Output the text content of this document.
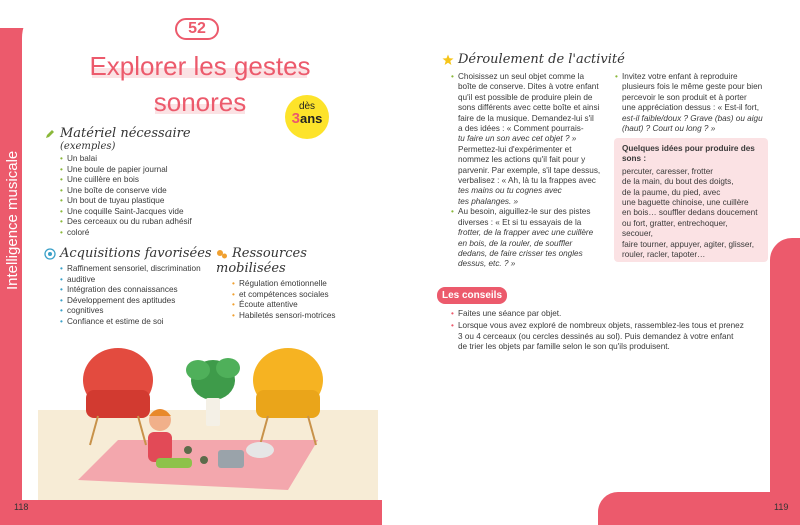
Intelligence musicale
52
Explorer les gestes
sonores	dès
3ans
Matériel nécessaire
(exemples)
• Un balai
• Une boule de papier journal
• Une cuillère en bois
• Une boîte de conserve vide
• Un bout de tuyau plastique
• Une coquille Saint-Jacques vide
• Des cerceaux ou du ruban adhésif
• coloré
Acquisitions favorisées
• Raffinement sensoriel, discrimination
• auditive
• Intégration des connaissances
• Développement des aptitudes
• cognitives
• Confiance et estime de soi
Ressources mobilisées
• Régulation émotionnelle
• et compétences sociales
• Écoute attentive
• Habiletés sensori-motrices
118	119
Déroulement de l'activité
• Choisissez un seul objet comme la
boîte de conserve. Dites à votre enfant
qu'il est possible de produire plein de
sons différents avec cette boîte et ainsi
faire de la musique. Demandez-lui s'il
a des idées : « Comment pourrais-
tu faire un son avec cet objet ? »
Permettez-lui d'expérimenter et
nommez les actions qu'il fait pour y
parvenir. Par exemple, s'il tape dessus,
verbalisez : « Ah, là tu la frappes avec
tes mains ou tu cognes avec
tes phalanges. »
• Au besoin, aiguillez-le sur des pistes
diverses : « Et si tu essayais de la
frotter, de la frapper avec une cuillère
en bois, de la rouler, de souffler
dedans, de faire crisser tes ongles
dessus, etc. ? »
• Invitez votre enfant à reproduire
plusieurs fois le même geste pour bien
percevoir le son produit et à porter
une appréciation dessus : « Est-il fort,
est-il faible/doux ? Grave (bas) ou aigu
(haut) ? Court ou long ? »
Quelques idées pour produire des sons :
percuter, caresser, frotter
de la main, du bout des doigts,
de la paume, du pied, avec
une baguette chinoise, une cuillère
en bois… souffler dedans doucement
ou fort, gratter, entrechoquer, secouer,
faire tourner, appuyer, agiter, glisser,
rouler, racler, tapoter…
Les conseils
• Faites une séance par objet.
• Lorsque vous avez exploré de nombreux objets, rassemblez-les tous et prenez
3 ou 4 cerceaux (ou cercles dessinés au sol). Puis demandez à votre enfant
de trier les objets par famille selon le son qu'ils produisent.
